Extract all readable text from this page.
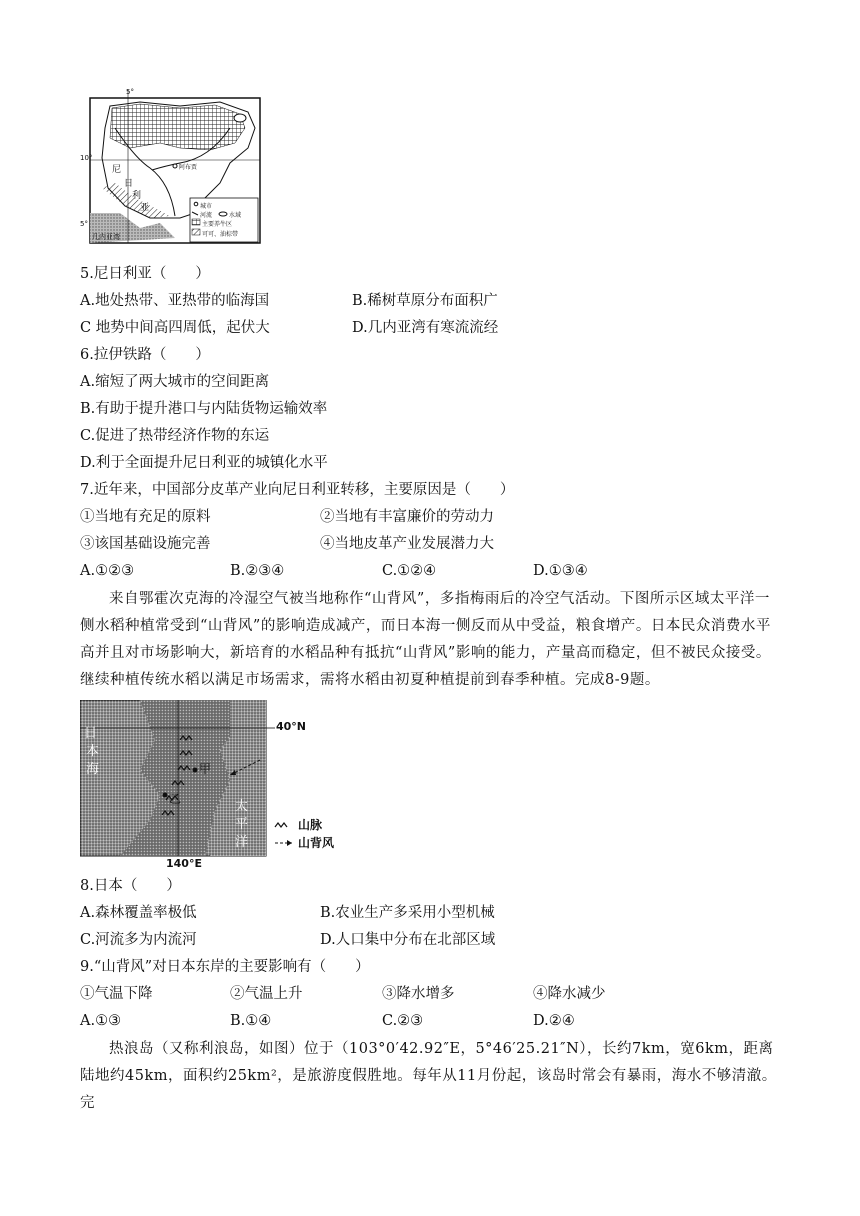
5°
10°
5°
尼
日
利
亚
阿布贾
几内亚湾
城市
河流	水域
主要养牛区
可可、油棕带
5.尼日利亚（　　）
A.地处热带、亚热带的临海国	B.稀树草原分布面积广
C 地势中间高四周低，起伏大	D.几内亚湾有寒流流经
6.拉伊铁路（　　）
A.缩短了两大城市的空间距离
B.有助于提升港口与内陆货物运输效率
C.促进了热带经济作物的东运
D.利于全面提升尼日利亚的城镇化水平
7.近年来，中国部分皮革产业向尼日利亚转移，主要原因是（　　）
①当地有充足的原料	②当地有丰富廉价的劳动力
③该国基础设施完善	④当地皮革产业发展潜力大
A.①②③	B.②③④	C.①②④	D.①③④
来自鄂霍次克海的冷湿空气被当地称作“山背风”，多指梅雨后的冷空气活动。下图所示区域太平洋一侧水稻种植常受到“山背风”的影响造成减产，而日本海一侧反而从中受益，粮食增产。日本民众消费水平高并且对市场影响大，新培育的水稻品种有抵抗“山背风”影响的能力，产量高而稳定，但不被民众接受。继续种植传统水稻以满足市场需求，需将水稻由初夏种植提前到春季种植。完成8-9题。
40°N
140°E
日
本
海
太
平
洋
甲
乙
山脉
山背风
8.日本（　　）
A.森林覆盖率极低	B.农业生产多采用小型机械
C.河流多为内流河	D.人口集中分布在北部区域
9.“山背风”对日本东岸的主要影响有（　　）
①气温下降	②气温上升	③降水增多	④降水减少
A.①③	B.①④	C.②③	D.②④
热浪岛（又称利浪岛，如图）位于（103°0′42.92″E，5°46′25.21″N），长约7km，宽6km，距离陆地约45km，面积约25km²，是旅游度假胜地。每年从11月份起，该岛时常会有暴雨，海水不够清澈。完
